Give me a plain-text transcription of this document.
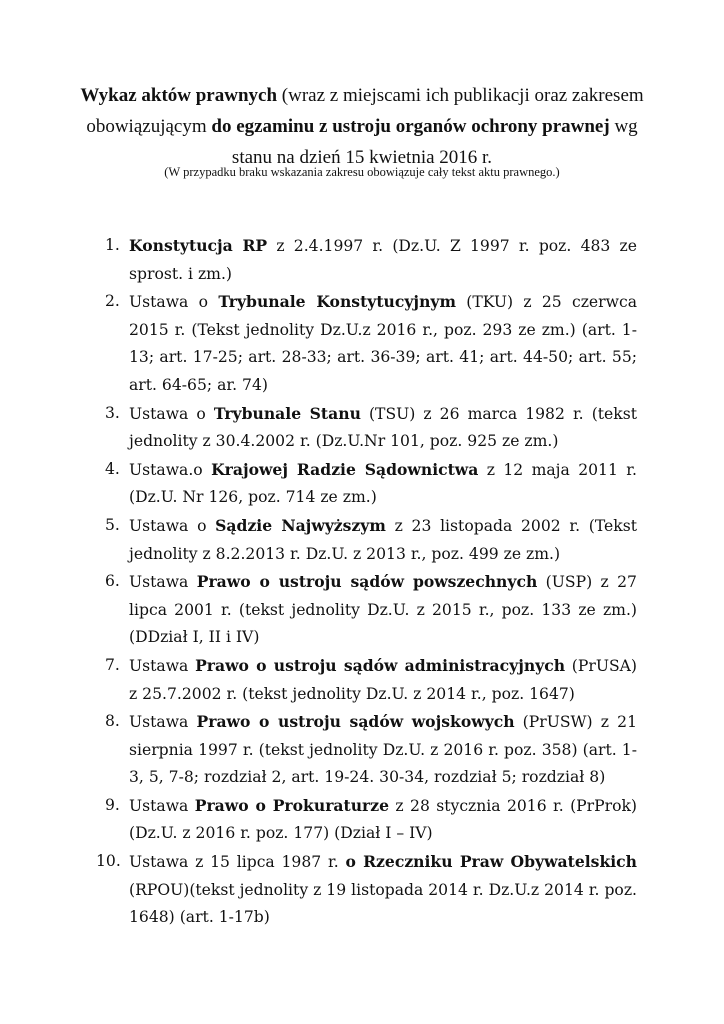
Wykaz aktów prawnych (wraz z miejscami ich publikacji oraz zakresem obowiązującym do egzaminu z ustroju organów ochrony prawnej wg stanu na dzień 15 kwietnia 2016 r.
(W przypadku braku wskazania zakresu obowiązuje cały tekst aktu prawnego.)
1. Konstytucja RP z 2.4.1997 r. (Dz.U. Z 1997 r. poz. 483 ze sprost. i zm.)
2. Ustawa o Trybunale Konstytucyjnym (TKU) z 25 czerwca 2015 r. (Tekst jednolity Dz.U.z 2016 r., poz. 293 ze zm.) (art. 1-13; art. 17-25; art. 28-33; art. 36-39; art. 41; art. 44-50; art. 55; art. 64-65; ar. 74)
3. Ustawa o Trybunale Stanu (TSU) z 26 marca 1982 r. (tekst jednolity z 30.4.2002 r. (Dz.U.Nr 101, poz. 925 ze zm.)
4. Ustawa.o Krajowej Radzie Sądownictwa z 12 maja 2011 r. (Dz.U. Nr 126, poz. 714 ze zm.)
5. Ustawa o Sądzie Najwyższym z 23 listopada 2002 r. (Tekst jednolity z 8.2.2013 r. Dz.U. z 2013 r., poz. 499 ze zm.)
6. Ustawa Prawo o ustroju sądów powszechnych (USP) z 27 lipca 2001 r. (tekst jednolity Dz.U. z 2015 r., poz. 133 ze zm.) (DDział I, II i IV)
7. Ustawa Prawo o ustroju sądów administracyjnych (PrUSA) z 25.7.2002 r. (tekst jednolity Dz.U. z 2014 r., poz. 1647)
8. Ustawa Prawo o ustroju sądów wojskowych (PrUSW) z 21 sierpnia 1997 r. (tekst jednolity Dz.U. z 2016 r. poz. 358) (art. 1-3, 5, 7-8; rozdział 2, art. 19-24. 30-34, rozdział 5; rozdział 8)
9. Ustawa Prawo o Prokuraturze z 28 stycznia 2016 r. (PrProk) (Dz.U. z 2016 r. poz. 177) (Dział I – IV)
10. Ustawa z 15 lipca 1987 r. o Rzeczniku Praw Obywatelskich (RPOU)(tekst jednolity z 19 listopada 2014 r. Dz.U.z 2014 r. poz. 1648) (art. 1-17b)
